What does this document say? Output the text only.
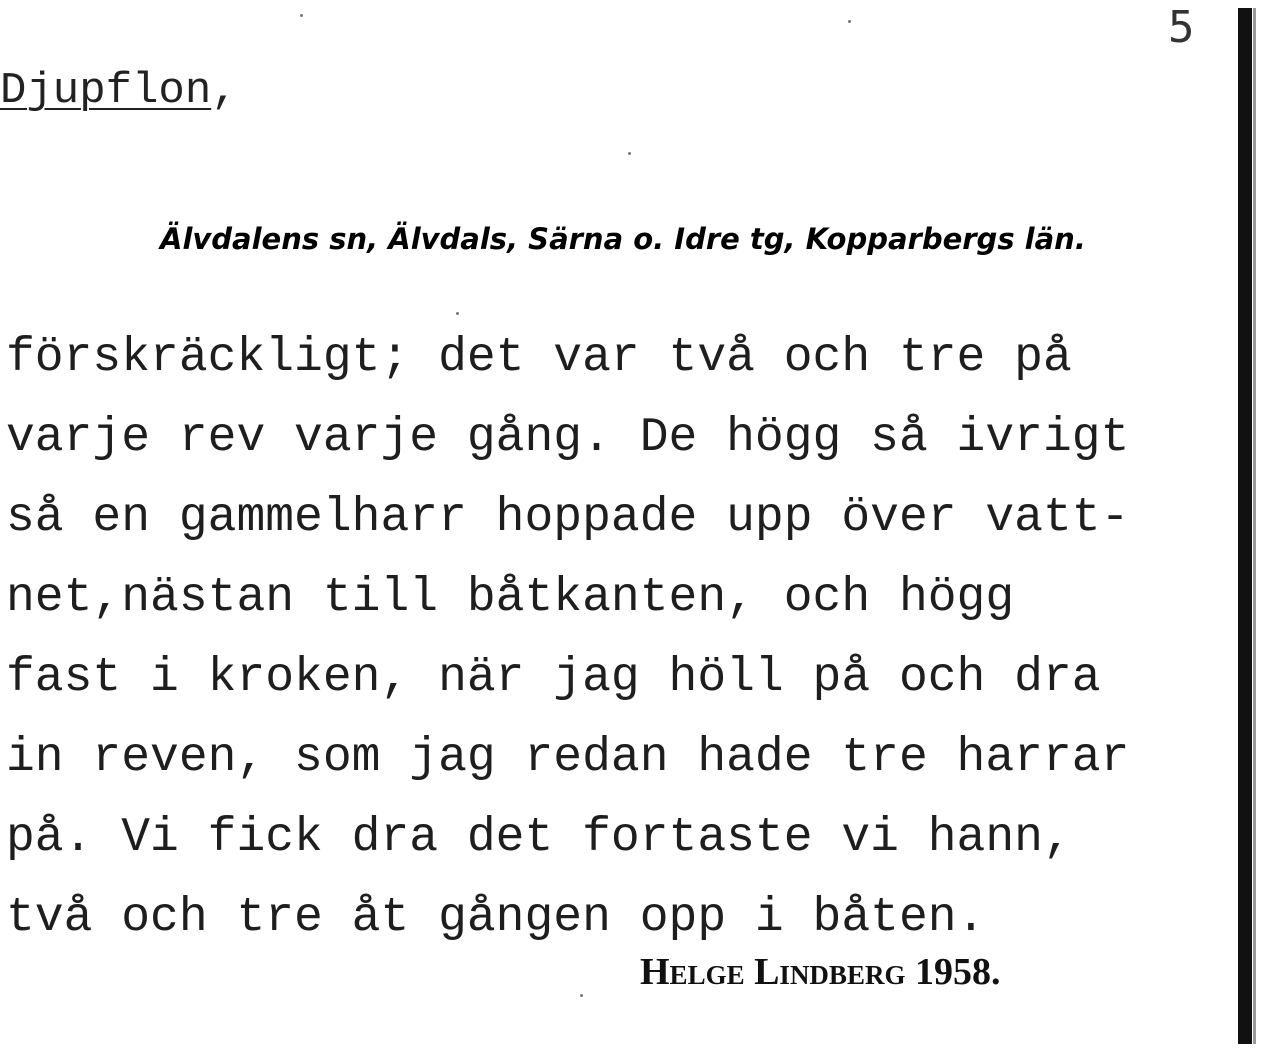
5
Djupflon,
Älvdalens sn, Älvdals, Särna o. Idre tg, Kopparbergs län.
förskräckligt; det var två och tre på
varje rev varje gång. De högg så ivrigt
så en gammelharr hoppade upp över vatt-
net,nästan till båtkanten, och högg
fast i kroken, när jag höll på och dra
in reven, som jag redan hade tre harrar
på. Vi fick dra det fortaste vi hann,
två och tre åt gången opp i båten.
Helge Lindberg 1958.
